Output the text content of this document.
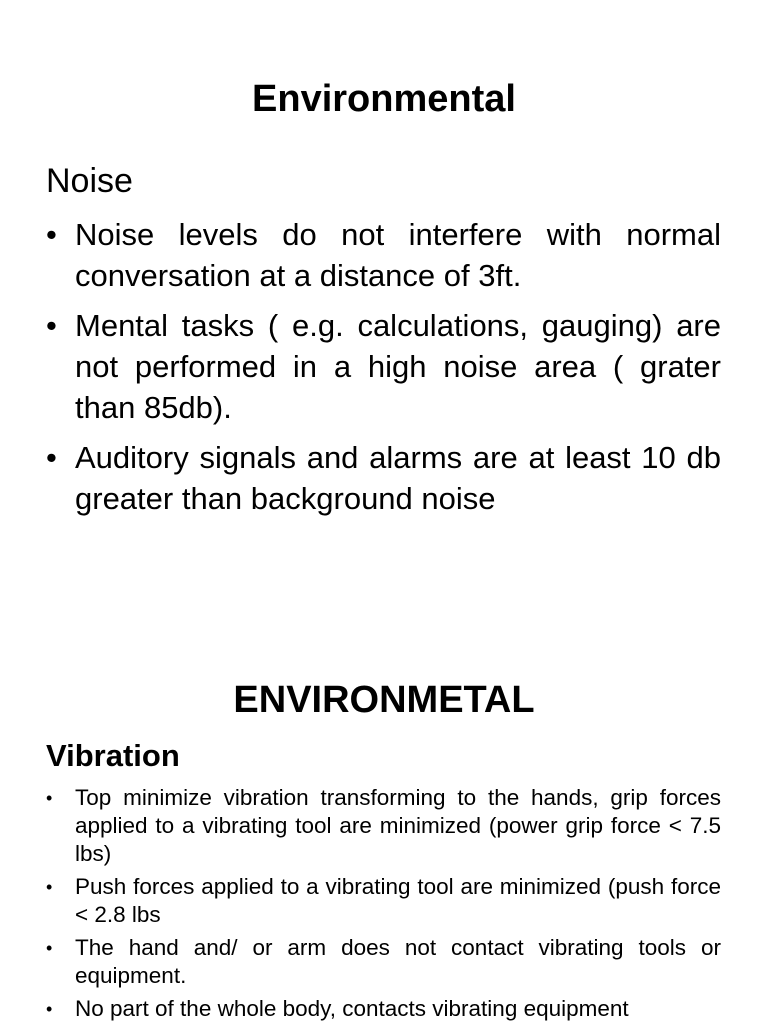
Environmental
Noise
• Noise levels do not interfere with normal conversation at a distance of 3ft.
• Mental tasks ( e.g. calculations, gauging) are not performed in a high noise area ( grater than 85db).
• Auditory signals and alarms are at least 10 db greater than background noise
ENVIRONMETAL
Vibration
• Top minimize vibration transforming to the hands, grip forces applied to a vibrating tool are minimized (power grip force < 7.5 lbs)
• Push forces applied to a vibrating tool are minimized (push force < 2.8 lbs
• The hand and/ or arm does not contact vibrating tools or equipment.
• No part of the whole body, contacts vibrating equipment
